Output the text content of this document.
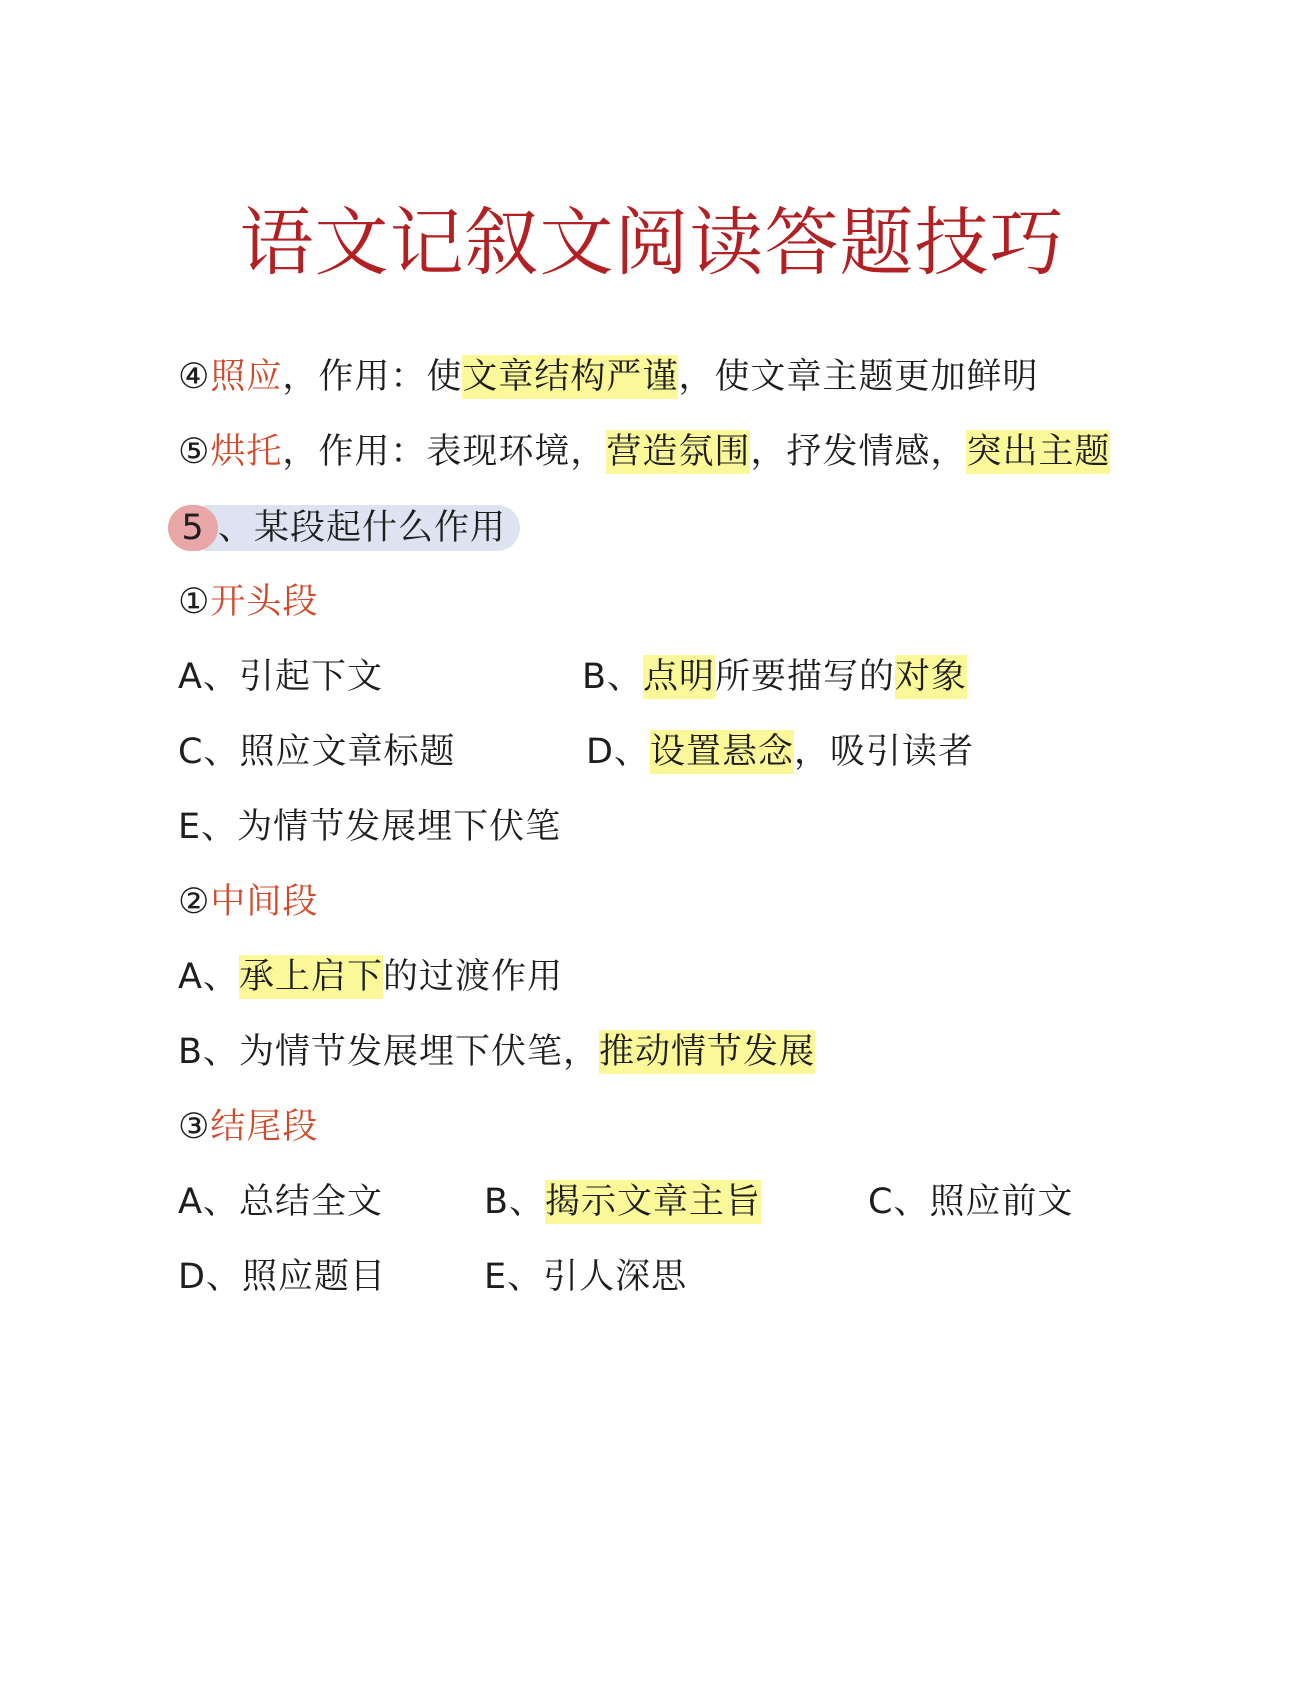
语文记叙文阅读答题技巧
④照应，作用：使文章结构严谨，使文章主题更加鲜明
⑤烘托，作用：表现环境，营造氛围，抒发情感，突出主题
5 、某段起什么作用
①开头段
A、引起下文	B、点明所要描写的对象
C、照应文章标题	D、设置悬念，吸引读者
E、为情节发展埋下伏笔
②中间段
A、承上启下的过渡作用
B、为情节发展埋下伏笔，推动情节发展
③结尾段
A、总结全文	B、揭示文章主旨	C、照应前文
D、照应题目	E、引人深思
